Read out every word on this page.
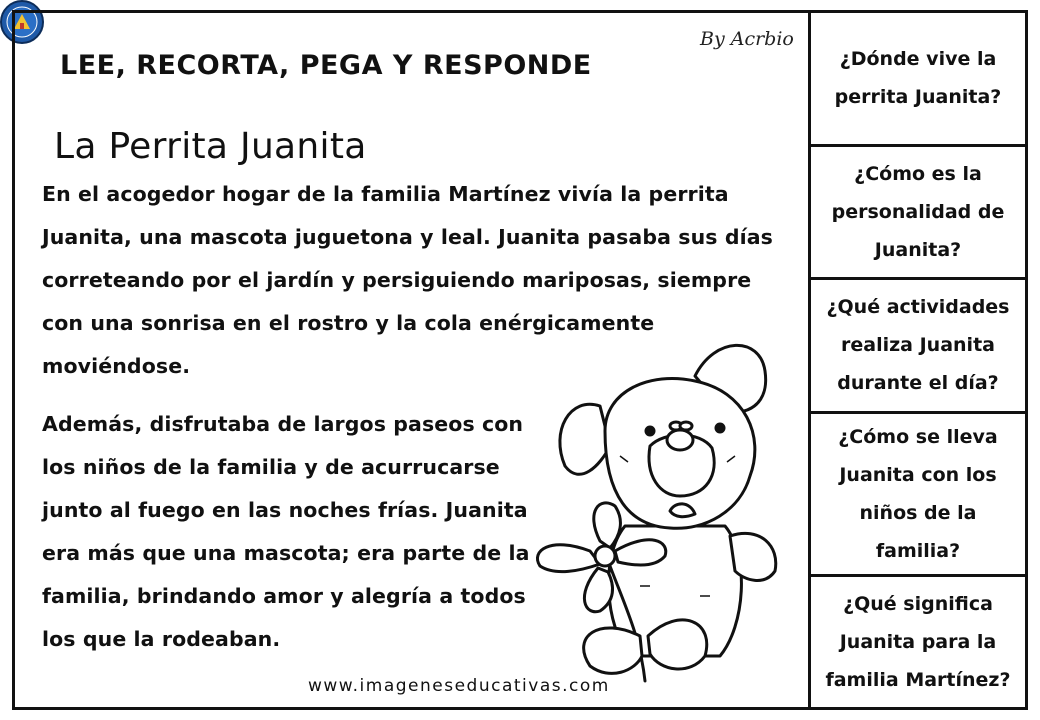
LEE, RECORTA, PEGA Y RESPONDE
By Acrbio
La Perrita Juanita

En el acogedor hogar de la familia Martínez vivía la perrita Juanita, una mascota juguetona y leal. Juanita pasaba sus días correteando por el jardín y persiguiendo mariposas, siempre con una sonrisa en el rostro y la cola enérgicamente moviéndose.

Además, disfrutaba de largos paseos con los niños de la familia y de acurrucarse junto al fuego en las noches frías. Juanita era más que una mascota; era parte de la familia, brindando amor y alegría a todos los que la rodeaban.

www.imageneseducativas.com
¿Dónde vive la perrita Juanita?
¿Cómo es la personalidad de Juanita?
¿Qué actividades realiza Juanita durante el día?
¿Cómo se lleva Juanita con los niños de la familia?
¿Qué significa Juanita para la familia Martínez?
